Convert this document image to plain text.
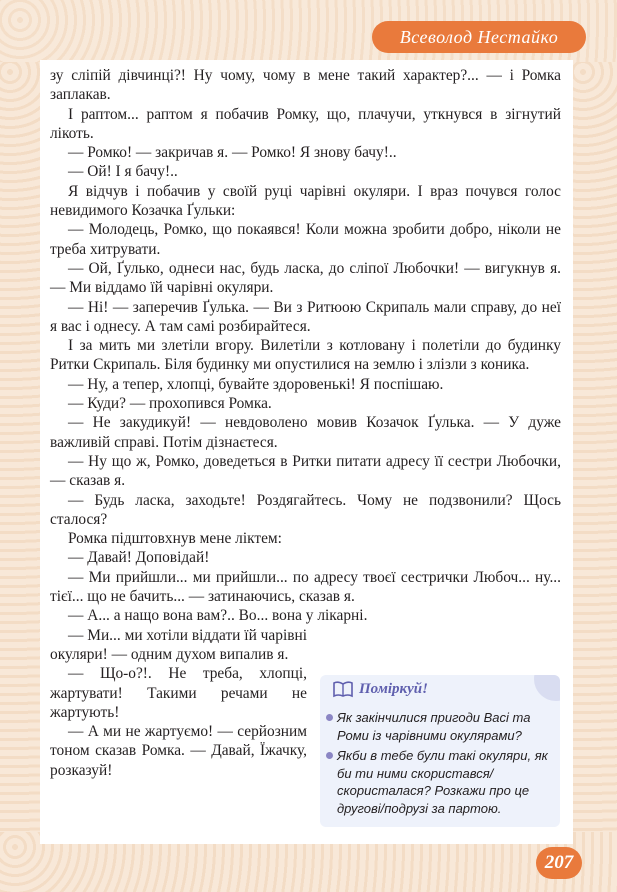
Всеволод Нестайко

зу сліпій дівчинці?! Ну чому, чому в мене такий характер?... — і Ромка заплакав.

І раптом... раптом я побачив Ромку, що, плачучи, уткнувся в зігнутий лікоть.

— Ромко! — закричав я. — Ромко! Я знову бачу!..

— Ой! І я бачу!..

Я відчув і побачив у своїй руці чарівні окуляри. І враз почувся голос невидимого Козачка Ґульки:

— Молодець, Ромко, що покаявся! Коли можна зробити добро, ніколи не треба хитрувати.

— Ой, Ґулько, однеси нас, будь ласка, до сліпої Любочки! — вигукнув я. — Ми віддамо їй чарівні окуляри.

— Ні! — заперечив Ґулька. — Ви з Ритюою Скрипаль мали справу, до неї я вас і однесу. А там самі розбирайтеся.

І за мить ми злетіли вгору. Вилетіли з котловану і полетіли до будинку Ритки Скрипаль. Біля будинку ми опустилися на землю і злізли з коника.

— Ну, а тепер, хлопці, бувайте здоровенькі! Я поспішаю.

— Куди? — прохопився Ромка.

— Не закудикуй! — невдоволено мовив Козачок Ґулька. — У дуже важливій справі. Потім дізнаєтеся.

— Ну що ж, Ромко, доведеться в Ритки питати адресу її сестри Любочки, — сказав я.

— Будь ласка, заходьте! Роздягайтесь. Чому не подзвонили? Щось сталося?

Ромка підштовхнув мене ліктем:

— Давай! Доповідай!

— Ми прийшли... ми прийшли... по адресу твоєї сестрички Любоч... ну... тієї... що не бачить... — затинаючись, сказав я.

— А... а нащо вона вам?.. Во... вона у лікарні.

— Ми... ми хотіли віддати їй чарівні окуляри! — одним духом випалив я.

— Що-о?!. Не треба, хлопці, жартувати! Такими речами не жартують!

— А ми не жартуємо! — серйозним тоном сказав Ромка. — Давай, Їжачку, розказуй!

Поміркуй!
Як закінчилися пригоди Васі та Роми із чарівними окулярами?
Якби в тебе були такі окуляри, як би ти ними скористався/ скористалася? Розкажи про це другові/подрузі за партою.
207
